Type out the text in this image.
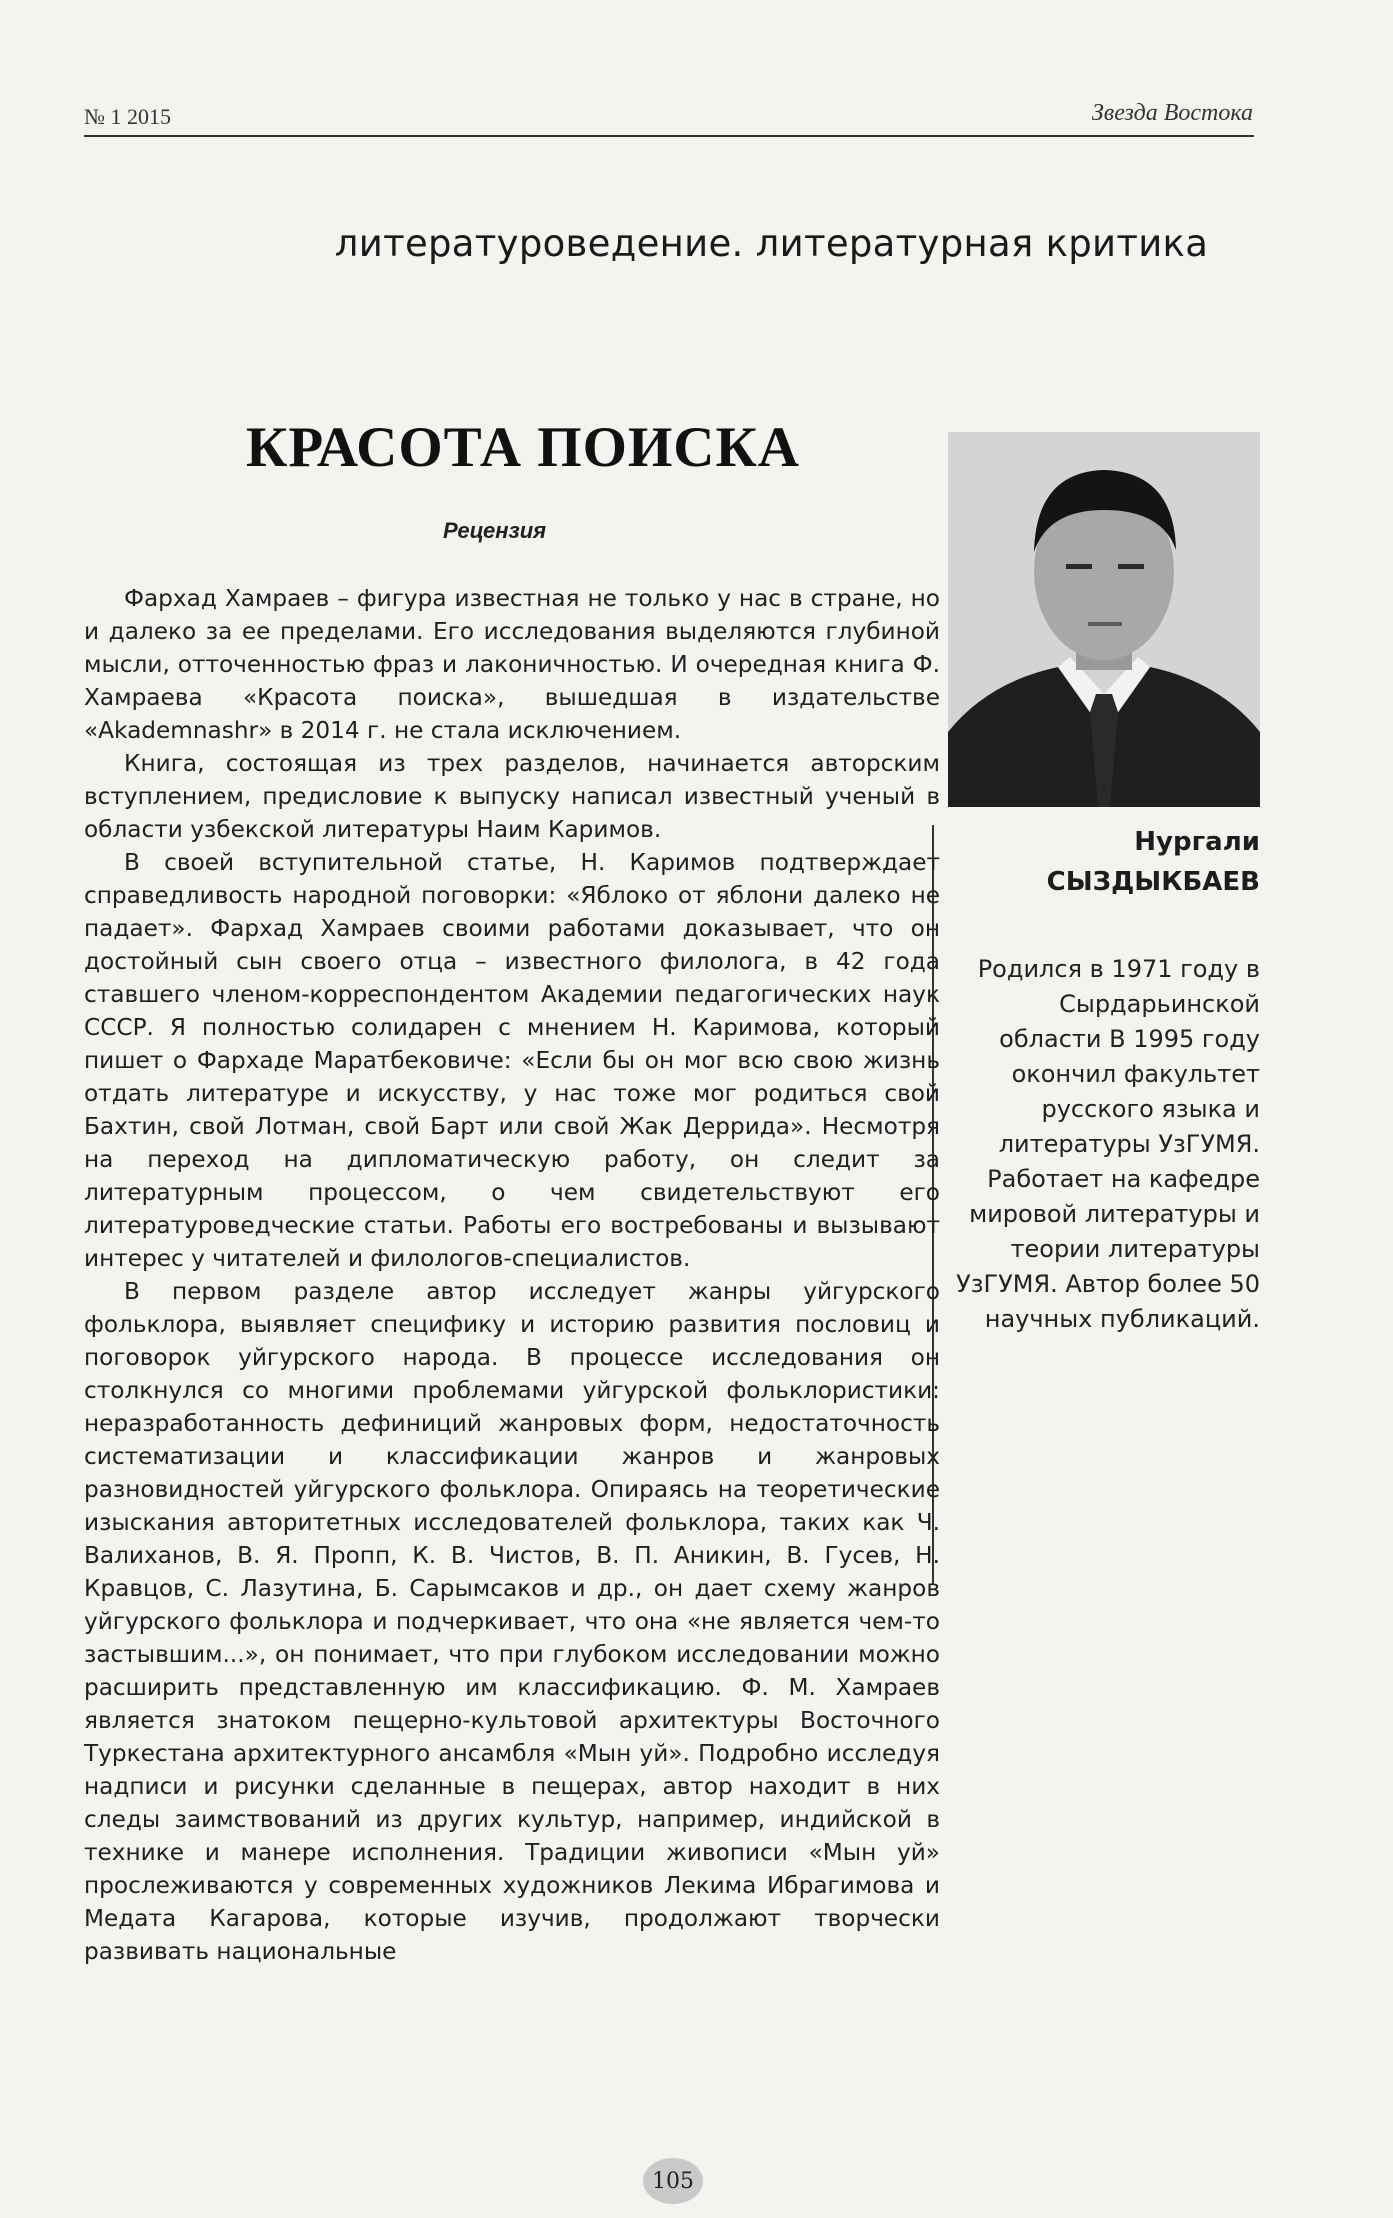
№ 1 2015	Звезда Востока
литературоведение. литературная критика
КРАСОТА ПОИСКА
Рецензия
Нургали
СЫЗДЫКБАЕВ
Родился в 1971 году в Сырдарьинской области В 1995 году окончил факультет русского языка и литературы УзГУМЯ. Работает на кафедре мировой литературы и теории литературы УзГУМЯ. Автор более 50 научных публикаций.

Фархад Хамраев – фигура известная не только у нас в стране, но и далеко за ее пределами. Его исследования выделяются глубиной мысли, отточенностью фраз и лаконичностью. И очередная книга Ф. Хамраева «Красота поиска», вышедшая в издательстве «Akademnashr» в 2014 г. не стала исключением.

Книга, состоящая из трех разделов, начинается авторским вступлением, предисловие к выпуску написал известный ученый в области узбекской литературы Наим Каримов.

В своей вступительной статье, Н. Каримов подтверждает справедливость народной поговорки: «Яблоко от яблони далеко не падает». Фархад Хамраев своими работами доказывает, что он достойный сын своего отца – известного филолога, в 42 года ставшего членом-корреспондентом Академии педагогических наук СССР. Я полностью солидарен с мнением Н. Каримова, который пишет о Фархаде Маратбековиче: «Если бы он мог всю свою жизнь отдать литературе и искусству, у нас тоже мог родиться свой Бахтин, свой Лотман, свой Барт или свой Жак Деррида». Несмотря на переход на дипломатическую работу, он следит за литературным процессом, о чем свидетельствуют его литературоведческие статьи. Работы его востребованы и вызывают интерес у читателей и филологов-специалистов.

В первом разделе автор исследует жанры уйгурского фольклора, выявляет специфику и историю развития пословиц и поговорок уйгурского народа. В процессе исследования он столкнулся со многими проблемами уйгурской фольклористики: неразработанность дефиниций жанровых форм, недостаточность систематизации и классификации жанров и жанровых разновидностей уйгурского фольклора. Опираясь на теоретические изыскания авторитетных исследователей фольклора, таких как Ч. Валиханов, В. Я. Пропп, К. В. Чистов, В. П. Аникин, В. Гусев, Н. Кравцов, С. Лазутина, Б. Сарымсаков и др., он дает схему жанров уйгурского фольклора и подчеркивает, что она «не является чем-то застывшим...», он понимает, что при глубоком исследовании можно расширить представленную им классификацию. Ф. М. Хамраев является знатоком пещерно-культовой архитектуры Восточного Туркестана архитектурного ансамбля «Мын уй». Подробно исследуя надписи и рисунки сделанные в пещерах, автор находит в них следы заимствований из других культур, например, индийской в технике и манере исполнения. Традиции живописи «Мын уй» прослеживаются у современных художников Лекима Ибрагимова и Медата Кагарова, которые изучив, продолжают творчески развивать национальные

105
